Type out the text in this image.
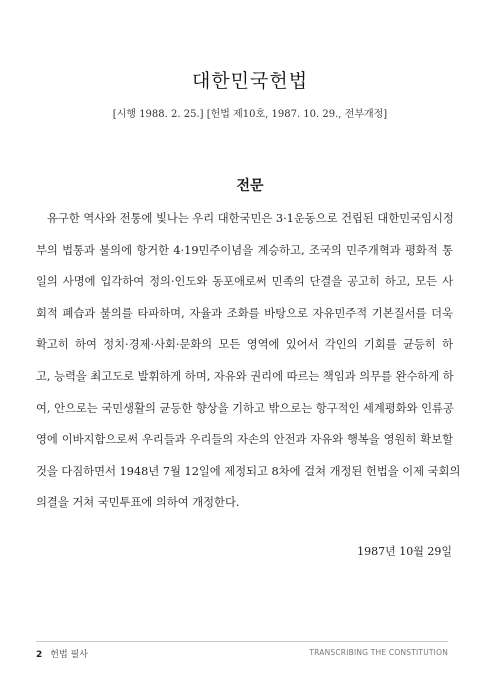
대한민국헌법
[시행 1988. 2. 25.] [헌법 제10호, 1987. 10. 29., 전부개정]
전문
유구한 역사와 전통에 빛나는 우리 대한국민은 3·1운동으로 건립된 대한민국임시정
부의 법통과 불의에 항거한 4·19민주이념을 계승하고, 조국의 민주개혁과 평화적 통
일의 사명에 입각하여 정의·인도와 동포애로써 민족의 단결을 공고히 하고, 모든 사
회적 폐습과 불의를 타파하며, 자율과 조화를 바탕으로 자유민주적 기본질서를 더욱
확고히 하여 정치·경제·사회·문화의 모든 영역에 있어서 각인의 기회를 균등히 하
고, 능력을 최고도로 발휘하게 하며, 자유와 권리에 따르는 책임과 의무를 완수하게 하
여, 안으로는 국민생활의 균등한 향상을 기하고 밖으로는 항구적인 세계평화와 인류공
영에 이바지함으로써 우리들과 우리들의 자손의 안전과 자유와 행복을 영원히 확보할
것을 다짐하면서 1948년 7월 12일에 제정되고 8차에 걸쳐 개정된 헌법을 이제 국회의
의결을 거쳐 국민투표에 의하여 개정한다.
1987년 10월 29일
2 헌법 필사	TRANSCRIBING THE CONSTITUTION
